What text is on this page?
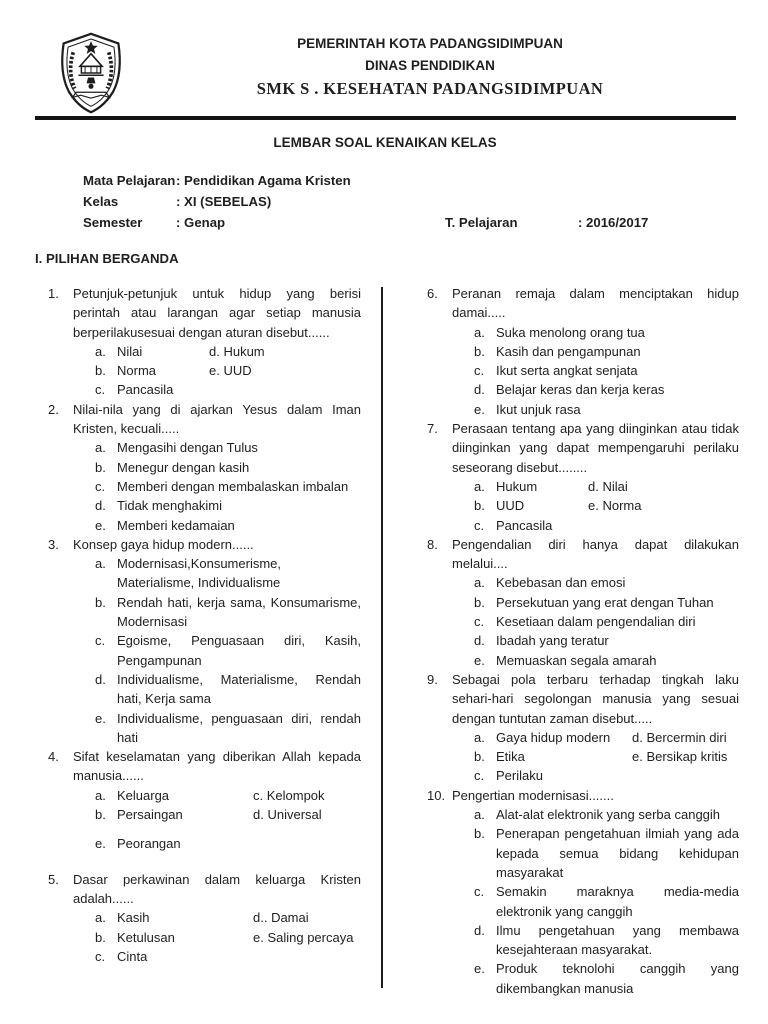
PEMERINTAH KOTA PADANGSIDIMPUAN
DINAS PENDIDIKAN
SMK S . KESEHATAN PADANGSIDIMPUAN
LEMBAR SOAL KENAIKAN KELAS
Mata Pelajaran: Pendidikan Agama Kristen
Kelas	: XI (SEBELAS)
Semester	: Genap	T. Pelajaran	: 2016/2017
I. PILIHAN BERGANDA
1.	Petunjuk-petunjuk untuk hidup yang berisi perintah atau larangan agar setiap manusia berperilakusesuai dengan aturan disebut......
a. Nilai	d. Hukum
b. Norma	e. UUD
c. Pancasila
2.	Nilai-nila yang di ajarkan Yesus dalam Iman Kristen, kecuali.....
a. Mengasihi dengan Tulus
b. Menegur dengan kasih
c. Memberi dengan membalaskan imbalan
d. Tidak menghakimi
e. Memberi kedamaian
3.	Konsep gaya hidup modern......
a. Modernisasi,Konsumerisme, Materialisme, Individualisme
b. Rendah hati, kerja sama, Konsumarisme, Modernisasi
c. Egoisme, Penguasaan diri, Kasih, Pengampunan
d. Individualisme, Materialisme, Rendah hati, Kerja sama
e. Individualisme, penguasaan diri, rendah hati
4.	Sifat keselamatan yang diberikan Allah kepada manusia......
a. Keluarga	c. Kelompok
b. Persaingan	d. Universal
e. Peorangan
5.	Dasar perkawinan dalam keluarga Kristen adalah......
a. Kasih	d.. Damai
b. Ketulusan	e. Saling percaya
c. Cinta
6.	Peranan remaja dalam menciptakan hidup damai.....
a. Suka menolong orang tua
b. Kasih dan pengampunan
c. Ikut serta angkat senjata
d. Belajar keras dan kerja keras
e. Ikut unjuk rasa
7.	Perasaan tentang apa yang diinginkan atau tidak diinginkan yang dapat mempengaruhi perilaku seseorang disebut........
a. Hukum	d. Nilai
b. UUD	e. Norma
c. Pancasila
8.	Pengendalian diri hanya dapat dilakukan melalui....
a. Kebebasan dan emosi
b. Persekutuan yang erat dengan Tuhan
c. Kesetiaan dalam pengendalian diri
d. Ibadah yang teratur
e. Memuaskan segala amarah
9.	Sebagai pola terbaru terhadap tingkah laku sehari-hari segolongan manusia yang sesuai dengan tuntutan zaman disebut.....
a. Gaya hidup modern d. Bercermin diri
b. Etika	e. Bersikap kritis
c. Perilaku
10. Pengertian modernisasi.......
a. Alat-alat elektronik yang serba canggih
b. Penerapan pengetahuan ilmiah yang ada kepada semua bidang kehidupan masyarakat
c. Semakin maraknya media-media elektronik yang canggih
d. Ilmu pengetahuan yang membawa kesejahteraan masyarakat.
e. Produk teknolohi canggih yang dikembangkan manusia
